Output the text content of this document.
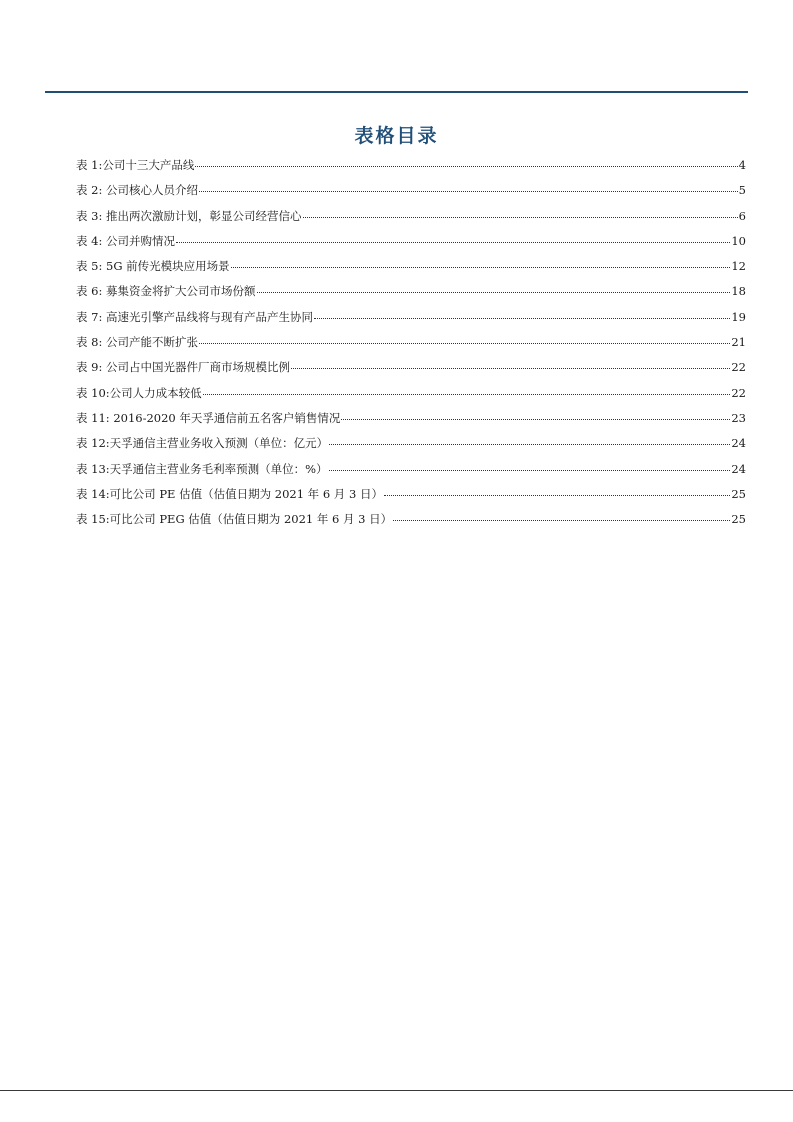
表格目录
表 1:公司十三大产品线	4
表 2: 公司核心人员介绍	5
表 3: 推出两次激励计划，彰显公司经营信心	6
表 4: 公司并购情况	10
表 5: 5G 前传光模块应用场景	12
表 6: 募集资金将扩大公司市场份额	18
表 7: 高速光引擎产品线将与现有产品产生协同	19
表 8: 公司产能不断扩张	21
表 9: 公司占中国光器件厂商市场规模比例	22
表 10:公司人力成本较低	22
表 11: 2016-2020 年天孚通信前五名客户销售情况	23
表 12:天孚通信主营业务收入预测（单位：亿元）	24
表 13:天孚通信主营业务毛利率预测（单位：%）	24
表 14:可比公司 PE 估值（估值日期为 2021 年 6 月 3 日）	25
表 15:可比公司 PEG 估值（估值日期为 2021 年 6 月 3 日）	25
